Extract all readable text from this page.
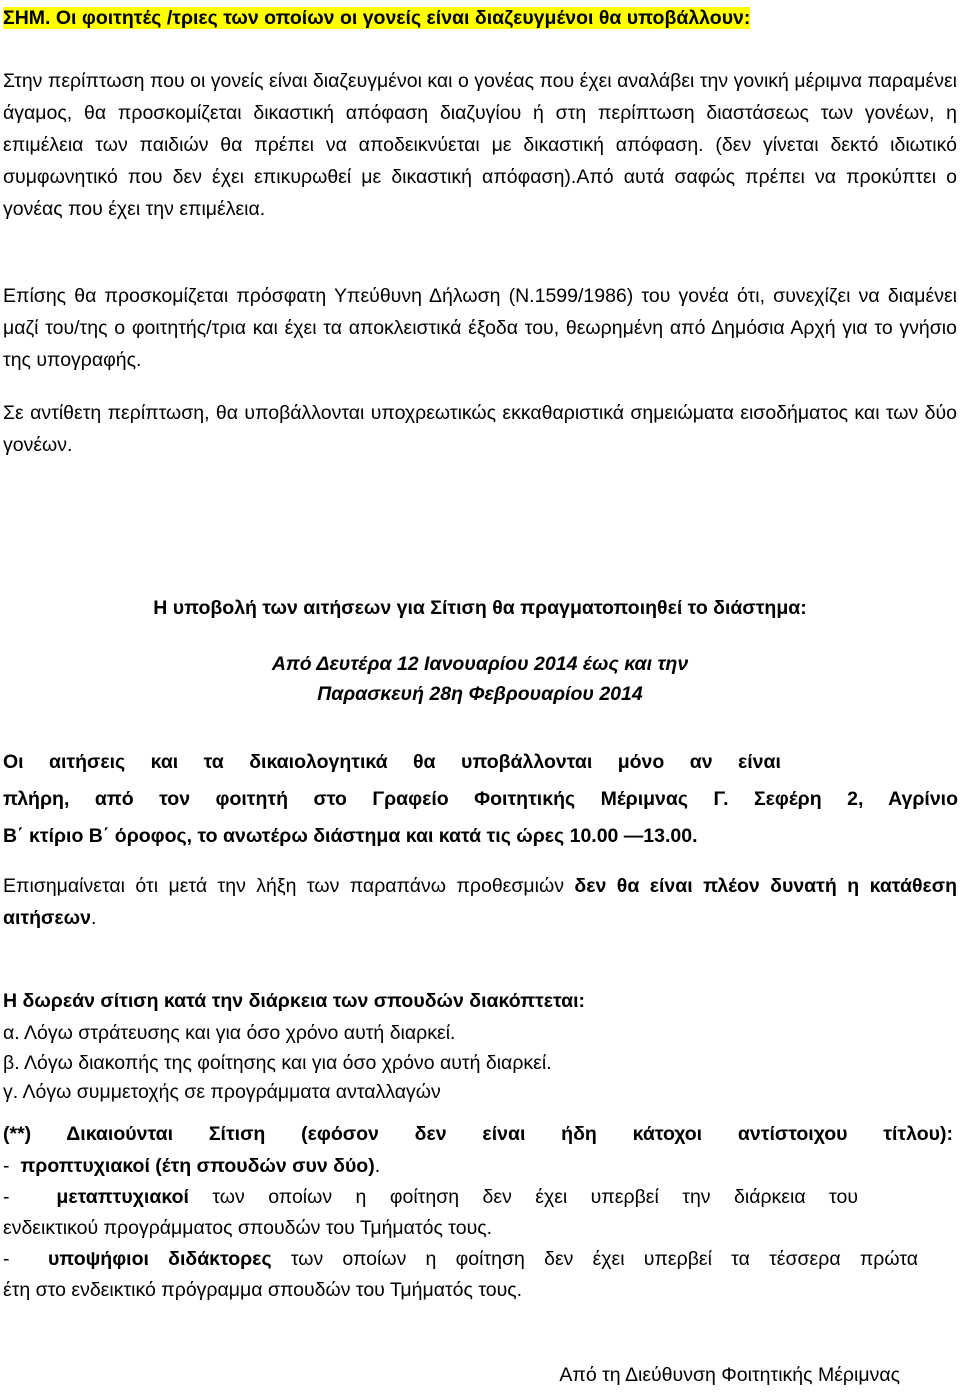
ΣΗΜ. Οι φοιτητές /τριες των οποίων οι γονείς είναι διαζευγμένοι θα υποβάλλουν:

Στην περίπτωση που οι γονείς είναι διαζευγμένοι και ο γονέας που έχει αναλάβει την γονική μέριμνα παραμένει άγαμος, θα προσκομίζεται δικαστική απόφαση διαζυγίου ή στη περίπτωση διαστάσεως των γονέων, η επιμέλεια των παιδιών θα πρέπει να αποδεικνύεται με δικαστική απόφαση. (δεν γίνεται δεκτό ιδιωτικό συμφωνητικό που δεν έχει επικυρωθεί με δικαστική απόφαση).Από αυτά σαφώς πρέπει να προκύπτει ο γονέας που έχει την επιμέλεια.

Επίσης θα προσκομίζεται πρόσφατη Υπεύθυνη Δήλωση (Ν.1599/1986) του γονέα ότι, συνεχίζει να διαμένει μαζί του/της ο φοιτητής/τρια και έχει τα αποκλειστικά έξοδα του, θεωρημένη από Δημόσια Αρχή για το γνήσιο της υπογραφής.

Σε αντίθετη περίπτωση, θα υποβάλλονται υποχρεωτικώς εκκαθαριστικά σημειώματα εισοδήματος και των δύο γονέων.

Η υποβολή των αιτήσεων για Σίτιση θα πραγματοποιηθεί το διάστημα:

Από Δευτέρα 12 Ιανουαρίου 2014 έως και την
Παρασκευή 28η Φεβρουαρίου 2014

Οι αιτήσεις και τα δικαιολογητικά θα υποβάλλονται μόνο αν είναι
πλήρη, από τον φοιτητή στο Γραφείο Φοιτητικής Μέριμνας Γ. Σεφέρη 2, Αγρίνιο
Β΄ κτίριο Β΄ όροφος, το ανωτέρω διάστημα και κατά τις ώρες 10.00 ―13.00.

Επισημαίνεται ότι μετά την λήξη των παραπάνω προθεσμιών δεν θα είναι πλέον δυνατή η κατάθεση αιτήσεων.

Η δωρεάν σίτιση κατά την διάρκεια των σπουδών διακόπτεται:

α. Λόγω στράτευσης και για όσο χρόνο αυτή διαρκεί.
β. Λόγω διακοπής της φοίτησης και για όσο χρόνο αυτή διαρκεί.
γ. Λόγω συμμετοχής σε προγράμματα ανταλλαγών

(**) Δικαιούνται Σίτιση (εφόσον δεν είναι ήδη κάτοχοι αντίστοιχου τίτλου):

- προπτυχιακοί (έτη σπουδών συν δύο).
- μεταπτυχιακοί των οποίων η φοίτηση δεν έχει υπερβεί την διάρκεια του
ενδεικτικού προγράμματος σπουδών του Τμήματός τους.
- υποψήφιοι διδάκτορες των οποίων η φοίτηση δεν έχει υπερβεί τα τέσσερα πρώτα
έτη στο ενδεικτικό πρόγραμμα σπουδών του Τμήματός τους.

Από τη Διεύθυνση Φοιτητικής Μέριμνας
